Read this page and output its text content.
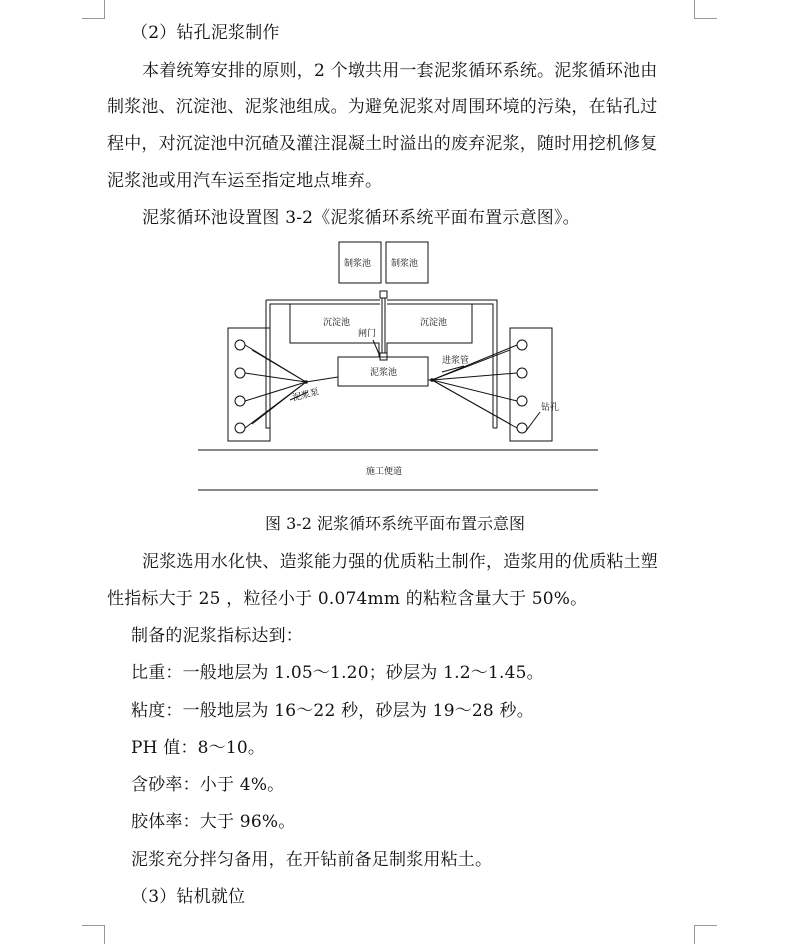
（2）钻孔泥浆制作
本着统筹安排的原则，2 个墩共用一套泥浆循环系统。泥浆循环池由
制浆池、沉淀池、泥浆池组成。为避免泥浆对周围环境的污染，在钻孔过
程中，对沉淀池中沉碴及灌注混凝土时溢出的废弃泥浆，随时用挖机修复
泥浆池或用汽车运至指定地点堆弃。
泥浆循环池设置图 3-2《泥浆循环系统平面布置示意图》。
制浆池 制浆池
沉淀池	沉淀池
闸门
泥浆池
泥浆泵
进浆管
钻孔
施工便道
图 3-2 泥浆循环系统平面布置示意图
泥浆选用水化快、造浆能力强的优质粘土制作，造浆用的优质粘土塑
性指标大于 25 ，粒径小于 0.074mm 的粘粒含量大于 50%。
制备的泥浆指标达到：
比重：一般地层为 1.05～1.20；砂层为 1.2～1.45。
粘度：一般地层为 16～22 秒，砂层为 19～28 秒。
PH 值：8～10。
含砂率：小于 4%。
胶体率：大于 96%。
泥浆充分拌匀备用，在开钻前备足制浆用粘土。
（3）钻机就位
